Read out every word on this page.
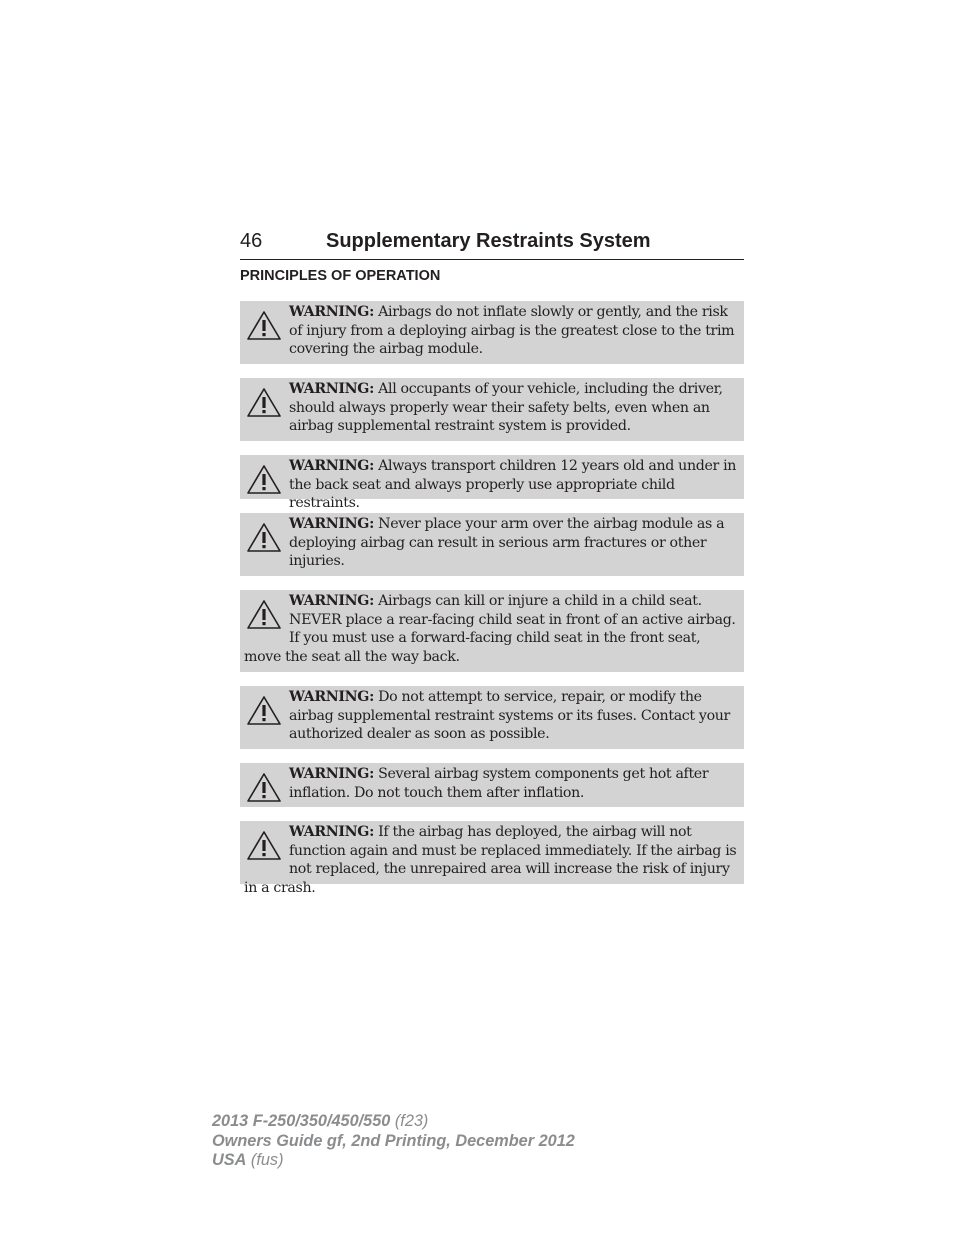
46	Supplementary Restraints System
PRINCIPLES OF OPERATION
WARNING: Airbags do not inflate slowly or gently, and the risk of injury from a deploying airbag is the greatest close to the trim covering the airbag module.
WARNING: All occupants of your vehicle, including the driver, should always properly wear their safety belts, even when an airbag supplemental restraint system is provided.
WARNING: Always transport children 12 years old and under in the back seat and always properly use appropriate child restraints.
WARNING: Never place your arm over the airbag module as a deploying airbag can result in serious arm fractures or other injuries.
WARNING: Airbags can kill or injure a child in a child seat. NEVER place a rear-facing child seat in front of an active airbag. If you must use a forward-facing child seat in the front seat, move the seat all the way back.
WARNING: Do not attempt to service, repair, or modify the airbag supplemental restraint systems or its fuses. Contact your authorized dealer as soon as possible.
WARNING: Several airbag system components get hot after inflation. Do not touch them after inflation.
WARNING: If the airbag has deployed, the airbag will not function again and must be replaced immediately. If the airbag is not replaced, the unrepaired area will increase the risk of injury in a crash.
2013 F-250/350/450/550 (f23)
Owners Guide gf, 2nd Printing, December 2012
USA (fus)
